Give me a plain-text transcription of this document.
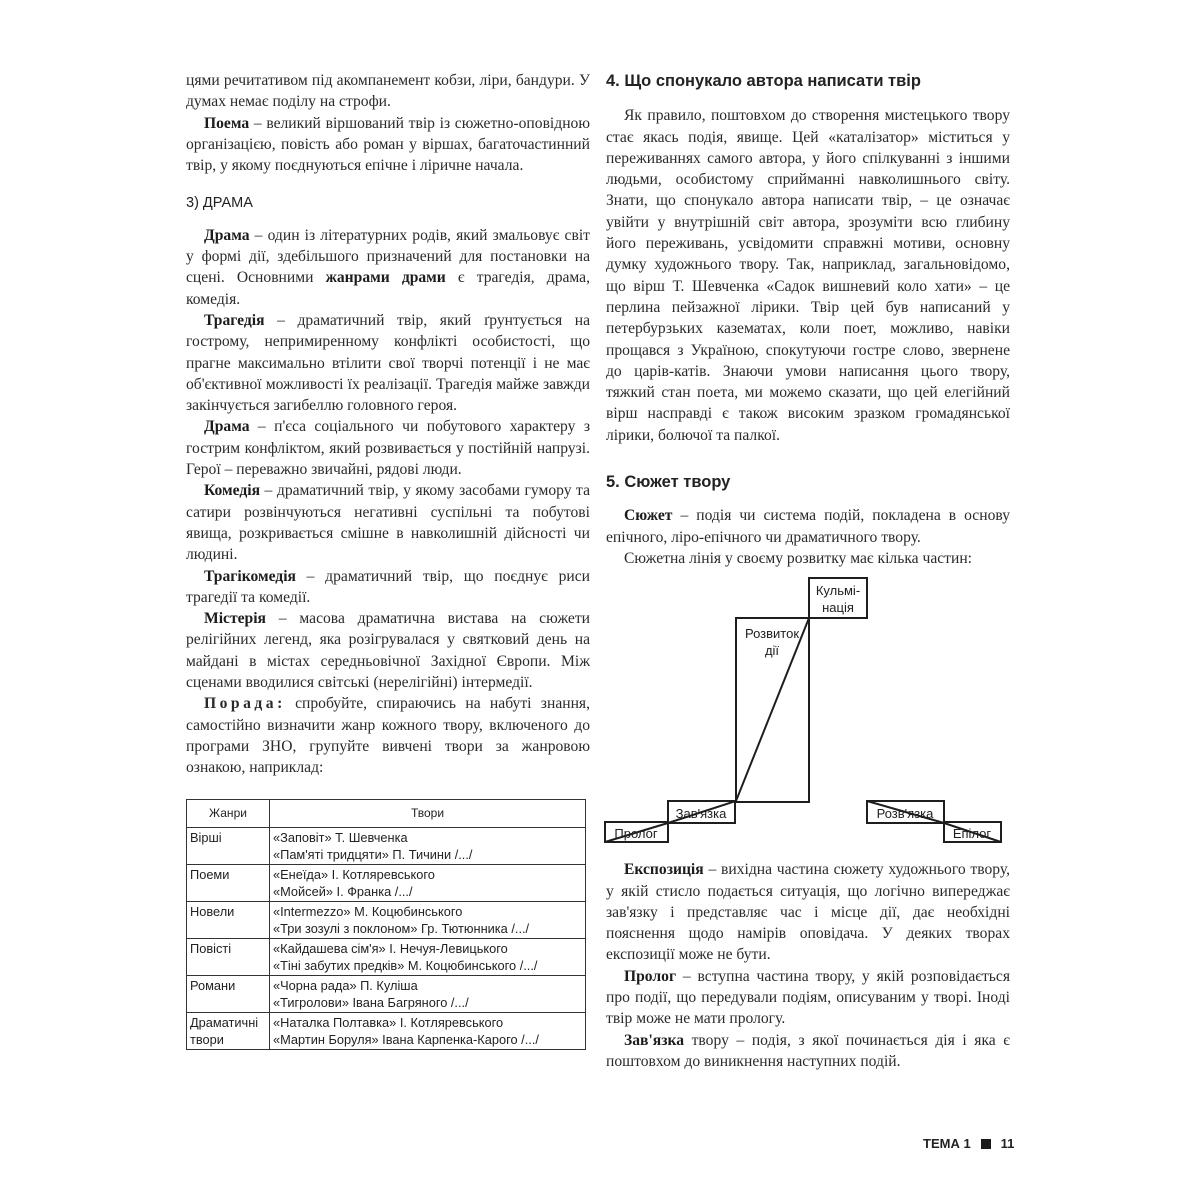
цями речитативом під акомпанемент кобзи, ліри, бандури. У думах немає поділу на строфи.

Поема – великий віршований твір із сюжетно-оповідною організацією, повість або роман у віршах, багаточастинний твір, у якому поєднуються епічне і ліричне начала.

3) ДРАМА

Драма – один із літературних родів, який змальовує світ у формі дії, здебільшого призначений для постановки на сцені. Основними жанрами драми є трагедія, драма, комедія.

Трагедія – драматичний твір, який ґрунтується на гострому, непримиренному конфлікті особистості, що прагне максимально втілити свої творчі потенції і не має об'єктивної можливості їх реалізації. Трагедія майже завжди закінчується загибеллю головного героя.

Драма – п'єса соціального чи побутового характеру з гострим конфліктом, який розвивається у постійній напрузі. Герої – переважно звичайні, рядові люди.

Комедія – драматичний твір, у якому засобами гумору та сатири розвінчуються негативні суспільні та побутові явища, розкривається смішне в навколишній дійсності чи людині.

Трагікомедія – драматичний твір, що поєднує риси трагедії та комедії.

Містерія – масова драматична вистава на сюжети релігійних легенд, яка розігрувалася у святковий день на майдані в містах середньовічної Західної Європи. Між сценами вводилися світські (нерелігійні) інтермедії.

Порада: спробуйте, спираючись на набуті знання, самостійно визначити жанр кожного твору, включеного до програми ЗНО, групуйте вивчені твори за жанровою ознакою, наприклад:

Жанри	Твори
Вірші	«Заповіт» Т. Шевченка
«Пам'яті тридцяти» П. Тичини /.../

Поеми	«Енеїда» І. Котляревського
«Мойсей» І. Франка /.../

Новели	«Intermezzo» М. Коцюбинського
«Три зозулі з поклоном» Гр. Тютюнника /.../

Повісті	«Кайдашева сім'я» І. Нечуя-Левицького
«Тіні забутих предків» М. Коцюбинського /.../

Романи	«Чорна рада» П. Куліша
«Тигролови» Івана Багряного /.../

Драматичні твори	«Наталка Полтавка» І. Котляревського
«Мартин Боруля» Івана Карпенка-Карого /.../
4. Що спонукало автора написати твір

Як правило, поштовхом до створення мистецького твору стає якась подія, явище. Цей «каталізатор» міститься у переживаннях самого автора, у його спілкуванні з іншими людьми, особистому сприйманні навколишнього світу. Знати, що спонукало автора написати твір, – це означає увійти у внутрішній світ автора, зрозуміти всю глибину його переживань, усвідомити справжні мотиви, основну думку художнього твору. Так, наприклад, загальновідомо, що вірш Т. Шевченка «Садок вишневий коло хати» – це перлина пейзажної лірики. Твір цей був написаний у петербурзьких казематах, коли поет, можливо, навіки прощався з Україною, спокутуючи гостре слово, звернене до царів-катів. Знаючи умови написання цього твору, тяжкий стан поета, ми можемо сказати, що цей елегійний вірш насправді є також високим зразком громадянської лірики, болючої та палкої.

5. Сюжет твору

Сюжет – подія чи система подій, покладена в основу епічного, ліро-епічного чи драматичного твору.

Сюжетна лінія у своєму розвитку має кілька частин:

Пролог
Зав'язка
Розвиток
дії
Кульмі-
нація
Розв'язка
Епілог

Експозиція – вихідна частина сюжету художнього твору, у якій стисло подається ситуація, що логічно випереджає зав'язку і представляє час і місце дії, дає необхідні пояснення щодо намірів оповідача. У деяких творах експозиції може не бути.

Пролог – вступна частина твору, у якій розповідається про події, що передували подіям, описуваним у творі. Іноді твір може не мати прологу.

Зав'язка твору – подія, з якої починається дія і яка є поштовхом до виникнення наступних подій.

ТЕМА 1 11
